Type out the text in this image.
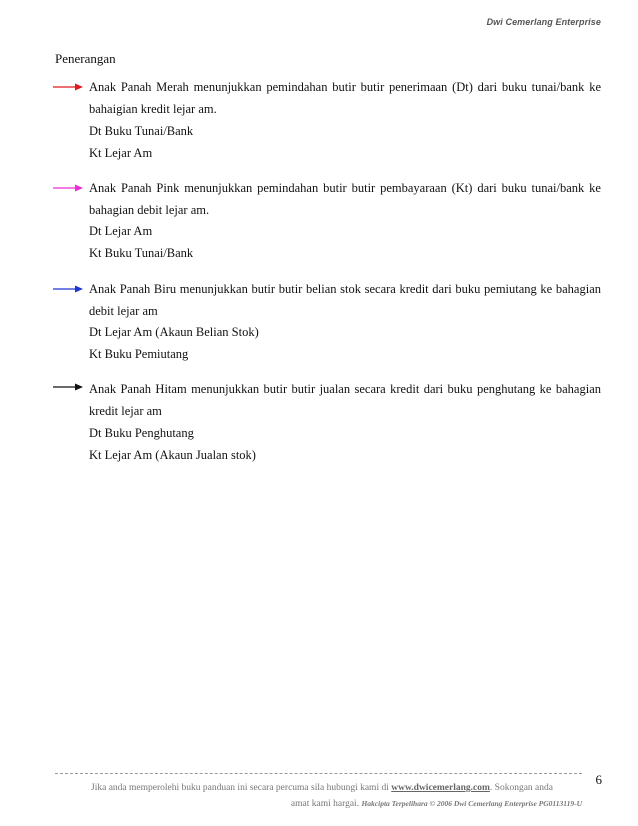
Dwi Cemerlang Enterprise
Penerangan
Anak Panah Merah menunjukkan pemindahan butir butir penerimaan (Dt) dari buku tunai/bank ke
bahaigian kredit lejar am.
Dt Buku Tunai/Bank
Kt Lejar Am
Anak Panah Pink menunjukkan pemindahan butir butir pembayaraan (Kt) dari buku tunai/bank ke
bahagian debit lejar am.
Dt Lejar Am
Kt Buku Tunai/Bank
Anak Panah Biru menunjukkan butir butir belian stok secara kredit dari buku pemiutang ke bahagian
debit lejar am
Dt Lejar Am (Akaun Belian Stok)
Kt Buku Pemiutang
Anak Panah Hitam menunjukkan butir butir jualan secara kredit dari buku penghutang ke bahagian
kredit lejar am
Dt Buku Penghutang
Kt Lejar Am (Akaun Jualan stok)
6
Jika anda memperolehi buku panduan ini secara percuma sila hubungi kami di www.dwicemerlang.com. Sokongan anda
amat kami hargai. Hakcipta Terpelihara © 2006 Dwi Cemerlang Enterprise PG0113119-U
